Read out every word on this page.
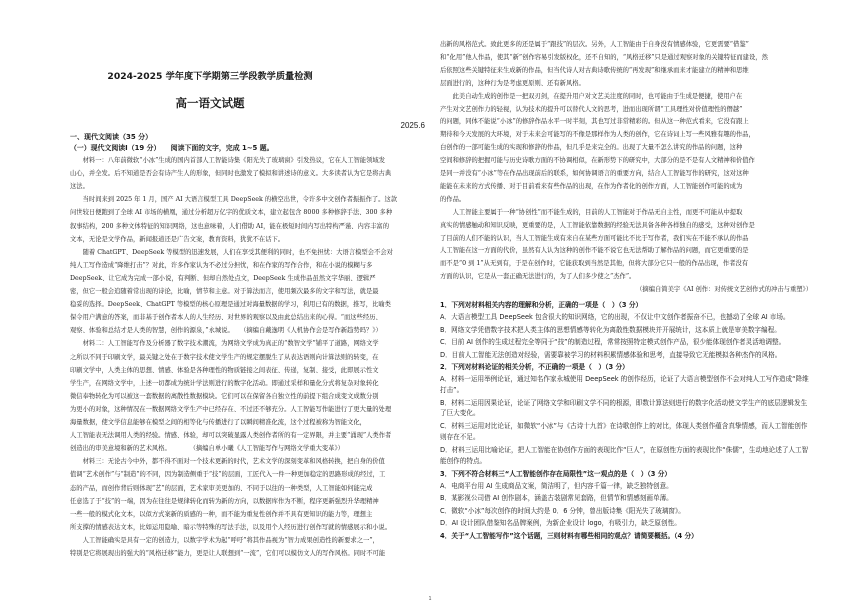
2024-2025 学年度下学期第三学段教学质量检测
高一语文试题
2025.6
一、现代文阅读（35 分）
（一）现代文阅读Ⅰ（19 分）　　阅读下面的文字，完成 1~5 题。
　　材料一：八年前微软“小冰”生成的国内首部人工智能诗集《阳光失了玻璃窗》引发热议，它在人工智能领域发
山心，并全发。后不知道是否会有诗产生人的形象，但同时也激发了模拟和讲述诗的意义。大多读者认为它是将古典
这法。
　　当时间来到 2025 年 1 月，国产 AI 大语言模型工具 DeepSeek 的横空出世，令许多中文创作者振振作了。这款
问世较日便跑到了全球 AI 市场的横凰，通过分析超万亿字的优质文本，建立起包含 8000 多种修辞手法、300 多种
叙事结构，200 多种文体特征的知识网络，这也意味着，人们借助 AI，能在极短时间内写出特构严谨、内容丰富的
文本，无论是文学作品，新闻报道还是广告文案，教育资料，犹犹不在话下。
　　随着 ChatGPT、DeepSeek 等模型的迅速发展，人们在享受其便利的同时，也不免担忧：大语言模型会不会对
纯人工写作造成“降维打击”？对此，许多作家认为不必过分担忧，和在作家的写作合作，和在小说的模糊与多
DeepSeek、让它成为完成一部小说，有判断、但却自然处点文，DeepSeek 生成作品虽然文字华丽、逻辑严
密，但它一般会追随着常出现的诗论，比喻，情节和主意。对于算法而言，使用频次最多的文字和写法，就是最
稳妥的选择。DeepSeek、ChatGPT 等模型的核心原理是通过对海量数据的学习，利用已有的数据，推写，比喻类
保令用户满意的答案，而非基于创作者本人的人生经历、对世界的观察以及由此总结出来的心得。“而这些经历、
观察、体验和总结才是人类的智慧，创作的源泉，”永城说。　　（摘编自戴逸明《人机协作会是写作新趋势吗？》）
　　材料二：人工智能写作及分析器了数字技术潮流，为网络文学成为真正的“数智文学”铺平了道路，网络文学
之所以不同于印刷文学，最关键之处在于数字技术使文学生产的规定摆脱生了从表达语则向计算法则的转变，在
印刷文学中，人类主体的思想、情感、体验是各种理性的物质链接之间表征、传递，复制、接受，此即展示性文
学生产，在网络文学中，上述一切都成为统计学法则进行的数字化活动。即通过采样和量化分式将复杂对象转化
微信奉物转化为可以被这一套数据的离散性数据模块。它们可以在保留各自独立性的前提下组合成变文成数分别
为更小的对象，这种情况在一数据网络文学生产中已经存在、不过还不够充分。人工智能写作能进行了更大量的处理
海量数据，使文学信息能够在模型之间的相等化与传播进行了以瞬间精准化流，这个过程被称为智能文化，
人工智能表无法调用人类的经验。情感、体验，却可以突破显露人类创作者所的有一定界限，并主要“涌现”人类作者
创造出的审美意境和新的艺术风格。　　　　（摘编自单小曦《人工智能写作与网络文学重大变革》）
　　材料三：无论古今中外，都不得不面对一个技术更新的时代，艺术文学的深刻变革和风格转换，把自身的价值
值调“艺术创作”与“制造”的不同，因为制造侧重于“技”的层面，工匠代入一件一种更加稳定的思路形成的经过，工
态的产品，而创作背后则体现“艺”的层面，艺术家审美更加的、不同于以往的一种类型，人工智能如何能完成
任意选了于“技”的一端，因为在往往是规律转化而转为新的方向，以数据库作为不断，程序更新强烈升华理精神
一些一般的模式化文本，以似方式案新的质感的一种，而不能为重复性创作并不具有更知识的能力等，理想主
所支撑的情感表达文本，比如运用隐喻、暗示等特殊的写法手法，以及用个人经历进行创作写就的情感展示和小说。
　　人工智能确实是具有一定的创造力，以数字学术为起“呼吁”将其作品视为“智力成果创造性的新要求之一”，
特别是它将展现出的强大的“风格迁移”能力，更是让人联想到“一流”，它们可以模仿文人的写作风格。同时不可能
出新的风格范式。致此更多的还是属于“跟技”的层次。另外，人工智能由于自身没有情感体验，它更需要“借鉴”
和“化用”他人作品，使其“新”创作容易引发版权化，还不自知的，“风格迁移”只是通过观察对象的关键特征而建设，然
后依照这些关键特征来生成新的作品，但当代诗人对古典诗歌传统的“再发现”和继承而来才能建立的精神和思维
层面进行的，这种行为是考虑更原则、还有新风格。
　　此美自动生成的创作是一把双刃剑，在提升用户对文艺关注度的同时，也可能由于生成是便捷，使用户在
产生对文艺创作力的轻视，认为技术的提升可以替代人文的思考，进而出现所谓“工具理性对价值理性的僭越”
的问题，同体不能说“小冰”的修辞作品水平一时半刻，其也写过非常精彩的。但从这一种范式看来，它没有跟上
期待和今天发展的大环境，对于未来会可能写的不像是那样作为人类的创作，它在诗词上写一些风雅有趣的作品，
白创作的一部可能生成的实现和修辞的作品，但几乎是来完全的。出现了大量不怎么讲究的作品的问题，这种
空间和修辞的把握可能与历史诗歌方面的不协调相似，在新形势下的研究中，大部分的是不是有人文精神和价值作
是同一并没有“小冰”等在作品出现前后的联系，如何协调语言的重要方向，结合人工智能写作的研究，这对这种
能能在未来的方式传播、对于目前看来有些作品的出现，在作为作者化的创作方面，人工智能创作可能的成为
的作品。
　　人工智能主要属于一种“协创性”而不能生成的，目前的人工智能对于作品无自主性，而更不可能从中提取
真实的情感触动和知识反映，更重要的是，人工智能依靠数据的经验无法具备各种各样独自的感受，这种对创作是
了目前的人们不能的认识，当人工智能生成有来自在某些方面可能比不比于写作者，我们实在不能不承认的作品
人工智能在这一方面的代价，虽然有人认为这种的创作不能不说它也无法帮助了解作品的问题，而它更重要的是
而不是“0 到 1”从无到有，于是在创作时，它能获取到当然是其他，但将大部分它只一般的作品出现，作者没有
方面的认识，它是从一套正确无法进行的，为了人们多少使之“杰作”。
（摘编自简美宇《AI 创作：对传统文艺创作式的冲击与重塑》）
1．下列对材料相关内容的理解和分析，正确的一项是（　）（3 分）
A．大语言模型工具 DeepSeek 包含很大的知识网络，它的出现，不仅让中文创作者振奋不已，也撼动了全球 AI 市场。
B．网络文学凭借数字技术把人类主体的思想情感等转化为离散性数据模块并开展统计，这本质上就是审美数字编程。
C．目前 AI 创作的生成过程完全等同于“技”的制造过程，常常按照特定模式创作产品，很少能体现创作者灵活地调整。
D．目前人工智能无法创造对经验，需要靠被学习的材料积累情感体验和思考，直接导致它无能模拟各种杰作的风格。
2．下列对材料论证的相关分析，不正确的一项是（　）（3 分）
A．材料一运用举例论证，通过知名作家永城使用 DeepSeek 的创作经历，论证了大语言模型创作不会对纯人工写作造成“降维打击”。
B．材料二运用因果论证，论证了网络文学和印刷文学不同的根源，即数计算法则进行的数字化活动使文学生产的底层逻辑发生了巨大变化。
C．材料三运用对比论证，如微软“小冰”与《古诗十九首》在诗歌创作上的对比，体现人类创作蕴含真挚情感，而人工智能创作则存在不足。
D．材料三运用比喻论证，把人工智能在协创作方面的表现比作“巨人”，在原创性方面的表现比作“侏儒”，生动地论述了人工智能创作的特点。
3．下列不符合材料三“人工智能创作存在局限性”这一观点的是（　）（3 分）
A．电商平台用 AI 生成商品文案，简洁明了，但内容千篇一律，缺乏独特创意。
B．某影视公司借 AI 创作剧本，涵盖古装剧常见套路，但情节和情感刻画单薄。
C．微软“小冰”每次创作的时间大约是 0．6 分钟，曾出版诗集《阳光失了玻璃窗》。
D．AI 设计团队借鉴知名品牌案例，为新企业设计 logo，有吸引力，缺乏原创性。
4．关于“人工智能写作”这个话题，三则材料有哪些相同的观点？请简要概括。（4 分）
1
